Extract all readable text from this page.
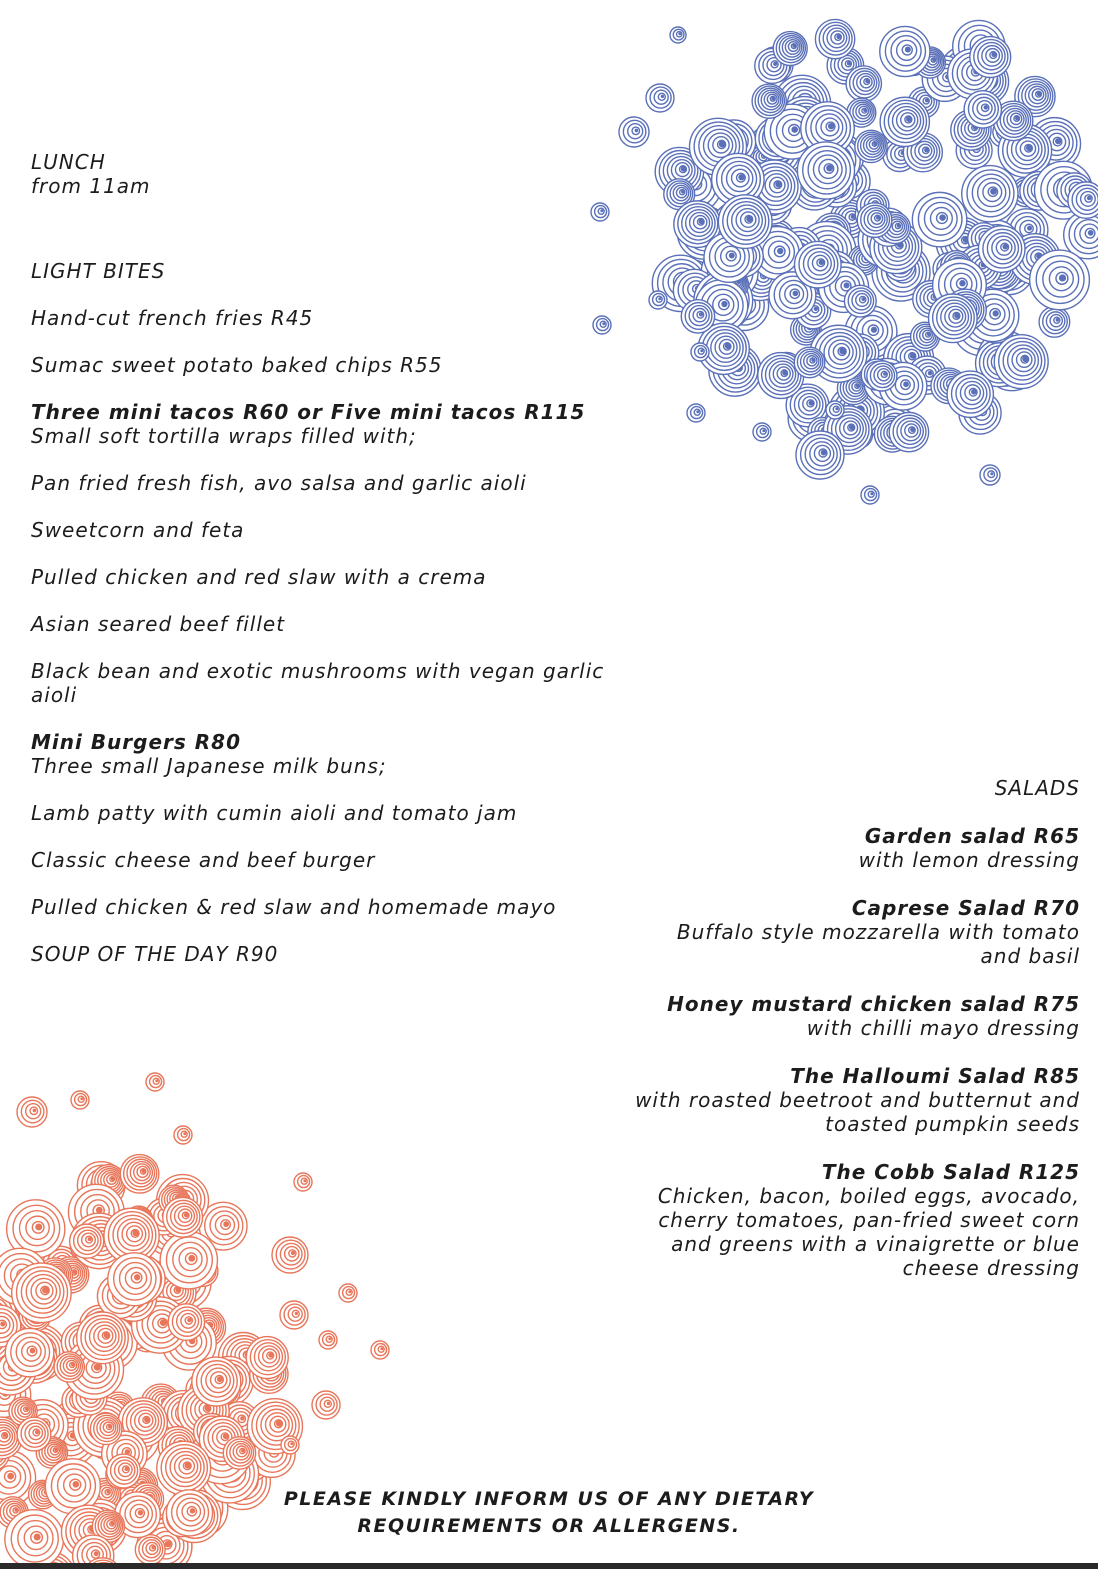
LUNCH
from 11am
LIGHT BITES
Hand-cut french fries R45
Sumac sweet potato baked chips R55
Three mini tacos R60 or Five mini tacos R115
Small soft tortilla wraps filled with;
Pan fried fresh fish, avo salsa and garlic aioli
Sweetcorn and feta
Pulled chicken and red slaw with a crema
Asian seared beef fillet
Black bean and exotic mushrooms with vegan garlic aioli
Mini Burgers R80
Three small Japanese milk buns;
Lamb patty with cumin aioli and tomato jam
Classic cheese and beef burger
Pulled chicken & red slaw and homemade mayo
SOUP OF THE DAY R90
SALADS
Garden salad R65
with lemon dressing
Caprese Salad R70
Buffalo style mozzarella with tomato
and basil
Honey mustard chicken salad R75
with chilli mayo dressing
The Halloumi Salad R85
with roasted beetroot and butternut and
toasted pumpkin seeds
The Cobb Salad R125
Chicken, bacon, boiled eggs, avocado,
cherry tomatoes, pan-fried sweet corn
and greens with a vinaigrette or blue
cheese dressing
PLEASE KINDLY INFORM US OF ANY DIETARY
REQUIREMENTS OR ALLERGENS.
